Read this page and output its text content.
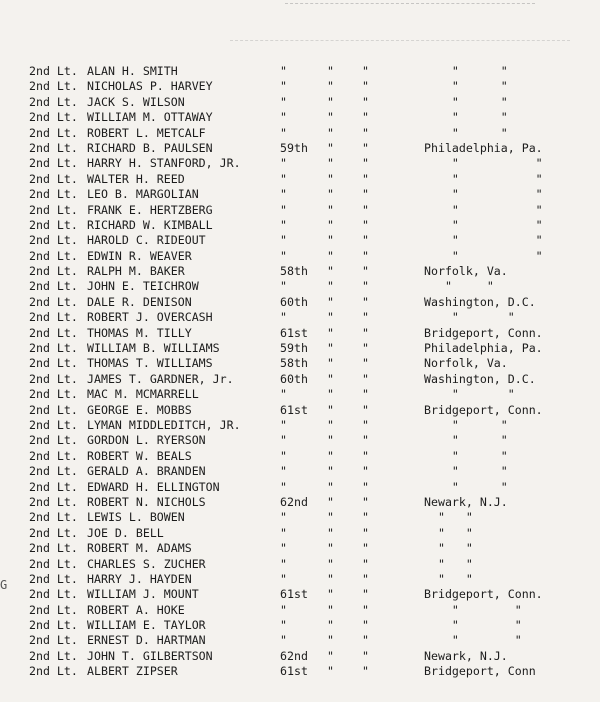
G
2nd Lt. ALAN H. SMITH	"	" "	"      "
2nd Lt. NICHOLAS P. HARVEY	"	" "	"      "
2nd Lt. JACK S. WILSON	"	" "	"      "
2nd Lt. WILLIAM M. OTTAWAY	"	" "	"      "
2nd Lt. ROBERT L. METCALF	"	" "	"      "
2nd Lt. RICHARD B. PAULSEN	59th " "	Philadelphia, Pa.
2nd Lt. HARRY H. STANFORD, JR.	"	" "	"           "
2nd Lt. WALTER H. REED	"	" "	"           "
2nd Lt. LEO B. MARGOLIAN	"	" "	"           "
2nd Lt. FRANK E. HERTZBERG	"	" "	"           "
2nd Lt. RICHARD W. KIMBALL	"	" "	"           "
2nd Lt. HAROLD C. RIDEOUT	"	" "	"           "
2nd Lt. EDWIN R. WEAVER	"	" "	"           "
2nd Lt. RALPH M. BAKER	58th " "	Norfolk, Va.
2nd Lt. JOHN E. TEICHROW	"	" "	"     "
2nd Lt. DALE R. DENISON	60th " "	Washington, D.C.
2nd Lt. ROBERT J. OVERCASH	"	" "	"       "
2nd Lt. THOMAS M. TILLY	61st " "	Bridgeport, Conn.
2nd Lt. WILLIAM B. WILLIAMS	59th " "	Philadelphia, Pa.
2nd Lt. THOMAS T. WILLIAMS	58th " "	Norfolk, Va.
2nd Lt. JAMES T. GARDNER, Jr.	60th " "	Washington, D.C.
2nd Lt. MAC M. MCMARRELL	"	" "	"       "
2nd Lt. GEORGE E. MOBBS	61st " "	Bridgeport, Conn.
2nd Lt. LYMAN MIDDLEDITCH, JR.	"	" "	"      "
2nd Lt. GORDON L. RYERSON	"	" "	"      "
2nd Lt. ROBERT W. BEALS	"	" "	"      "
2nd Lt. GERALD A. BRANDEN	"	" "	"      "
2nd Lt. EDWARD H. ELLINGTON	"	" "	"      "
2nd Lt. ROBERT N. NICHOLS	62nd " "	Newark, N.J.
2nd Lt. LEWIS L. BOWEN	"	" "	"   "
2nd Lt. JOE D. BELL	"	" "	"   "
2nd Lt. ROBERT M. ADAMS	"	" "	"   "
2nd Lt. CHARLES S. ZUCHER	"	" "	"   "
2nd Lt. HARRY J. HAYDEN	"	" "	"   "
2nd Lt. WILLIAM J. MOUNT	61st " "	Bridgeport, Conn.
2nd Lt. ROBERT A. HOKE	"	" "	"        "
2nd Lt. WILLIAM E. TAYLOR	"	" "	"        "
2nd Lt. ERNEST D. HARTMAN	"	" "	"        "
2nd Lt. JOHN T. GILBERTSON	62nd " "	Newark, N.J.
2nd Lt. ALBERT ZIPSER	61st " "	Bridgeport, Conn
